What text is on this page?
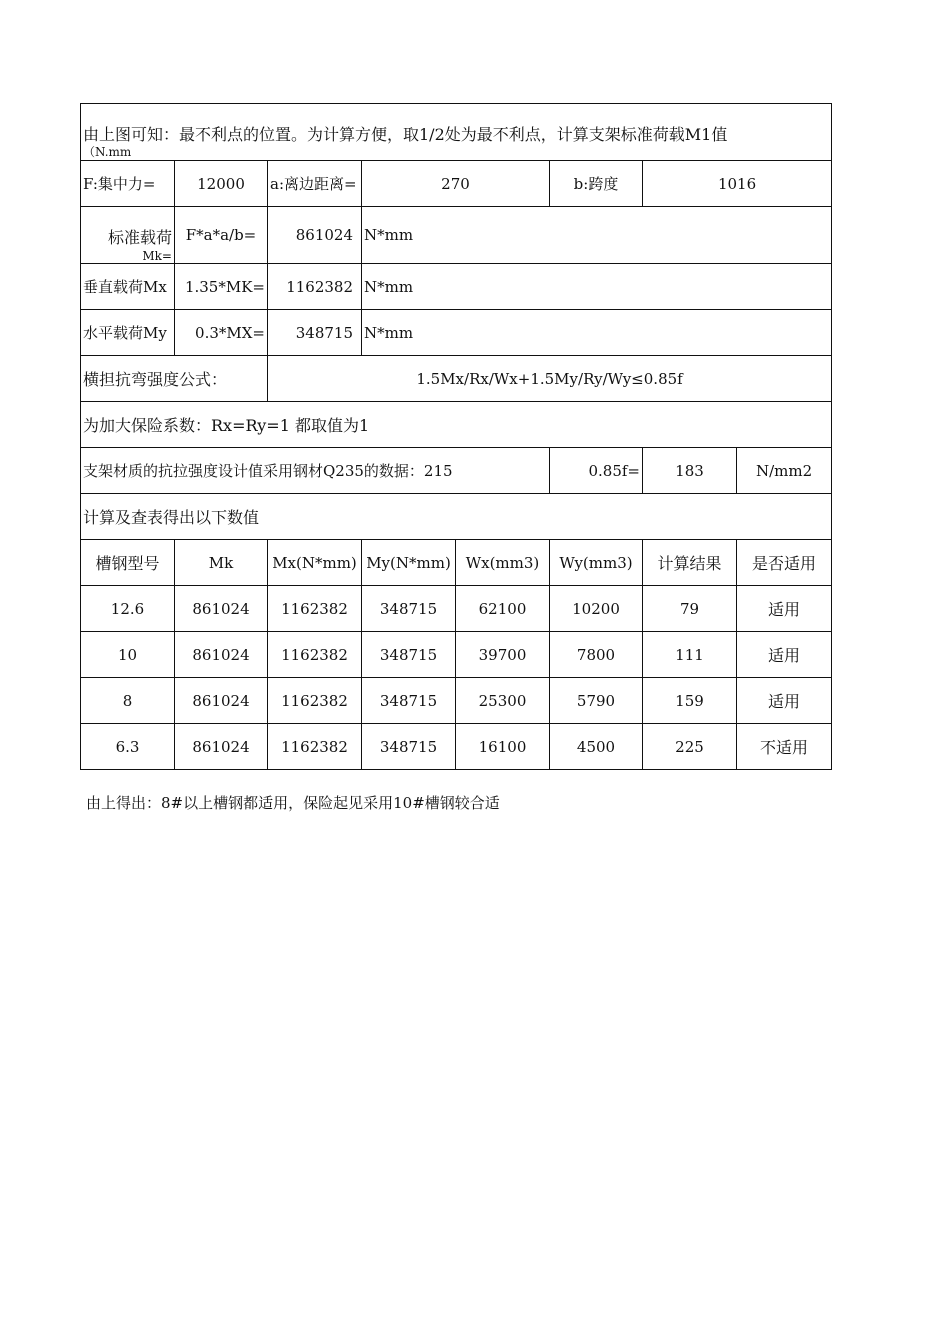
由上图可知：最不利点的位置。为计算方便，取1/2处为最不利点，计算支架标准荷载M1值
（N.mm							

F:集中力=	12000	a:离边距离=	270		b:跨度	1016	

标准载荷
Mk=	F*a*a/b=	861024	N*mm				
垂直载荷Mx	1.35*MK=	1162382	N*mm				
水平载荷My	0.3*MX=	348715	N*mm				
横担抗弯强度公式：		1.5Mx/Rx/Wx+1.5My/Ry/Wy≤0.85f					
为加大保险系数：Rx=Ry=1 都取值为1							
支架材质的抗拉强度设计值采用钢材Q235的数据：215					0.85f=	183	N/mm2
计算及查表得出以下数值							
槽钢型号	Mk	Mx(N*mm)	My(N*mm)	Wx(mm3)	Wy(mm3)	计算结果	是否适用
12.6	861024	1162382	348715	62100	10200	79	适用
10	861024	1162382	348715	39700	7800	111	适用
8	861024	1162382	348715	25300	5790	159	适用
6.3	861024	1162382	348715	16100	4500	225	不适用
由上得出：8#以上槽钢都适用，保险起见采用10#槽钢较合适
